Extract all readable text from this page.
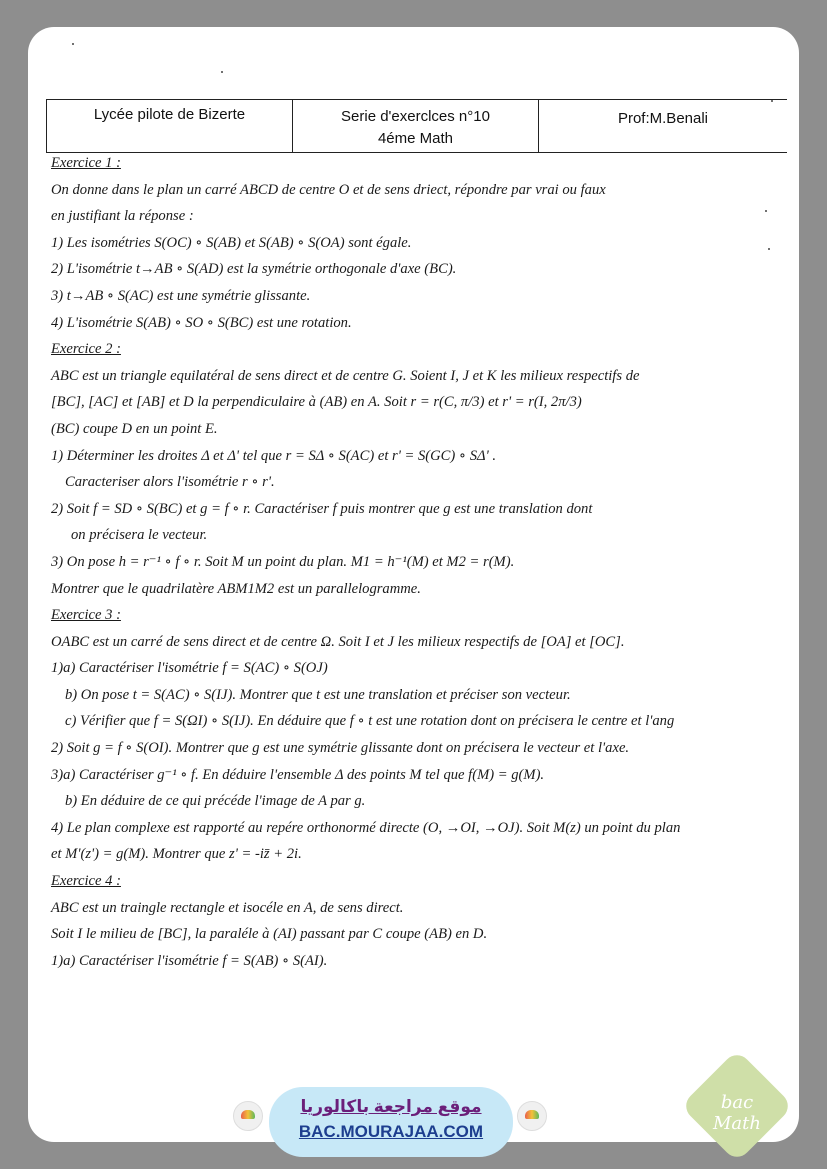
Lycée pilote de Bizerte	Serie d'exerclces n°10
4éme Math
Prof:M.Benali

Exercice 1 :

On donne dans le plan un carré ABCD de centre O et de sens driect, répondre par vrai ou faux

en justifiant la réponse :

1) Les isométries S(OC) ∘ S(AB) et S(AB) ∘ S(OA) sont égale.

2) L'isométrie t→AB ∘ S(AD) est la symétrie orthogonale d'axe (BC).

3) t→AB ∘ S(AC) est une symétrie glissante.

4) L'isométrie S(AB) ∘ SO ∘ S(BC) est une rotation.

Exercice 2 :

ABC est un triangle equilatéral de sens direct et de centre G. Soient I, J et K les milieux respectifs de

[BC], [AC] et [AB] et D la perpendiculaire à (AB) en A. Soit r = r(C, π/3) et r' = r(I, 2π/3)

(BC) coupe D en un point E.

1) Déterminer les droites Δ et Δ' tel que r = SΔ ∘ S(AC) et r' = S(GC) ∘ SΔ' .

Caracteriser alors l'isométrie r ∘ r'.

2) Soit f = SD ∘ S(BC) et g = f ∘ r. Caractériser f puis montrer que g est une translation dont

on précisera le vecteur.

3) On pose h = r⁻¹ ∘ f ∘ r. Soit M un point du plan. M1 = h⁻¹(M) et M2 = r(M).

Montrer que le quadrilatère ABM1M2 est un parallelogramme.

Exercice 3 :

OABC est un carré de sens direct et de centre Ω. Soit I et J les milieux respectifs de [OA] et [OC].

1)a) Caractériser l'isométrie f = S(AC) ∘ S(OJ)

b) On pose t = S(AC) ∘ S(IJ). Montrer que t est une translation et préciser son vecteur.

c) Vérifier que f = S(ΩI) ∘ S(IJ). En déduire que f ∘ t est une rotation dont on précisera le centre et l'ang

2) Soit g = f ∘ S(OI). Montrer que g est une symétrie glissante dont on précisera le vecteur et l'axe.

3)a) Caractériser g⁻¹ ∘ f. En déduire l'ensemble Δ des points M tel que f(M) = g(M).

b) En déduire de ce qui précéde l'image de A par g.

4) Le plan complexe est rapporté au repére orthonormé directe (O, →OI, →OJ). Soit M(z) un point du plan

et M'(z') = g(M). Montrer que z' = -iz̄ + 2i.

Exercice 4 :

ABC est un traingle rectangle et isocéle en A, de sens direct.

Soit I le milieu de [BC], la paraléle à (AI) passant par C coupe (AB) en D.

1)a) Caractériser l'isométrie f = S(AB) ∘ S(AI).

موقع مراجعة باكالوريا
BAC.MOURAJAA.COM
bac Math
